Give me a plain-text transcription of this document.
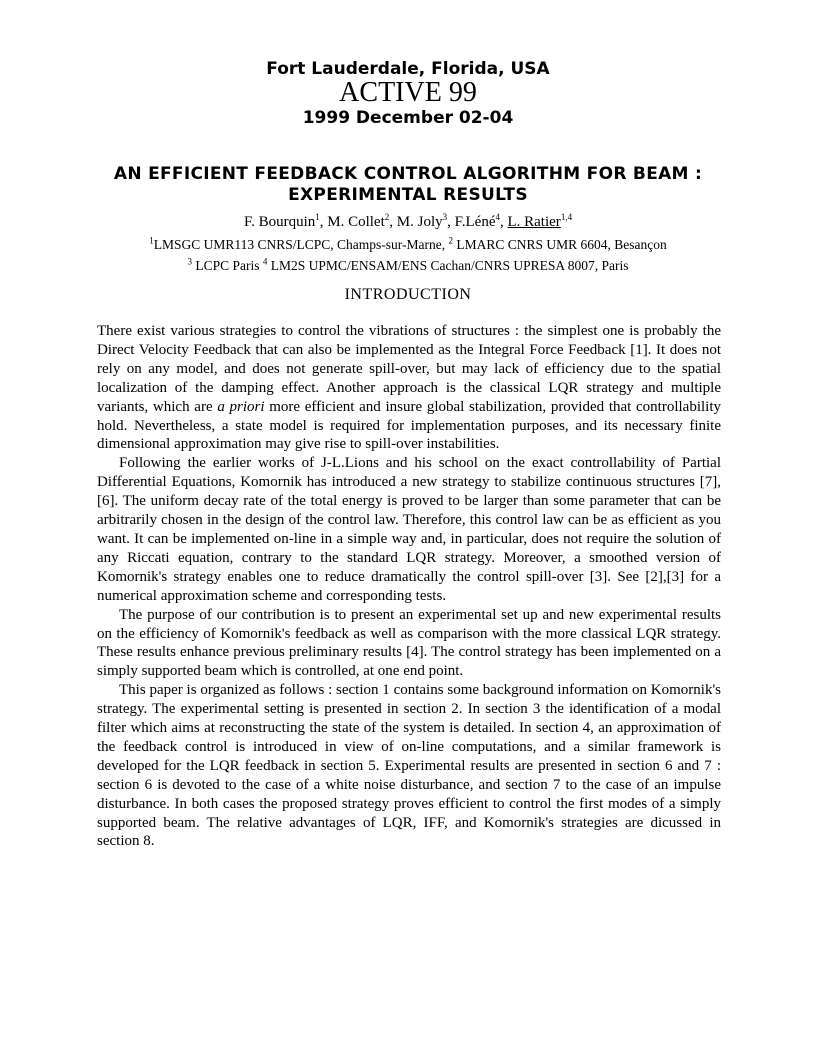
Fort Lauderdale, Florida, USA
ACTIVE 99
1999 December 02-04
AN EFFICIENT FEEDBACK CONTROL ALGORITHM FOR BEAM :
EXPERIMENTAL RESULTS
F. Bourquin$^1$, M. Collet$^2$, M. Joly$^3$, F.Léné$^4$, L. Ratier$^{1,4}$
$^1$LMSGC UMR113 CNRS/LCPC, Champs-sur-Marne, $^2$ LMARC CNRS UMR 6604, Besançon
$^3$ LCPC Paris $^4$ LM2S UPMC/ENSAM/ENS Cachan/CNRS UPRESA 8007, Paris
INTRODUCTION

There exist various strategies to control the vibrations of structures : the simplest one is probably the Direct Velocity Feedback that can also be implemented as the Integral Force Feedback [1]. It does not rely on any model, and does not generate spill-over, but may lack of efficiency due to the spatial localization of the damping effect. Another approach is the classical LQR strategy and multiple variants, which are a priori more efficient and insure global stabilization, provided that controllability hold. Nevertheless, a state model is required for implementation purposes, and its necessary finite dimensional approximation may give rise to spill-over instabilities.

Following the earlier works of J-L.Lions and his school on the exact controllability of Partial Differential Equations, Komornik has introduced a new strategy to stabilize continuous structures [7],[6]. The uniform decay rate of the total energy is proved to be larger than some parameter that can be arbitrarily chosen in the design of the control law. Therefore, this control law can be as efficient as you want. It can be implemented on-line in a simple way and, in particular, does not require the solution of any Riccati equation, contrary to the standard LQR strategy. Moreover, a smoothed version of Komornik's strategy enables one to reduce dramatically the control spill-over [3]. See [2],[3] for a numerical approximation scheme and corresponding tests.

The purpose of our contribution is to present an experimental set up and new experimental results on the efficiency of Komornik's feedback as well as comparison with the more classical LQR strategy. These results enhance previous preliminary results [4]. The control strategy has been implemented on a simply supported beam which is controlled, at one end point.

This paper is organized as follows : section 1 contains some background information on Komornik's strategy. The experimental setting is presented in section 2. In section 3 the identification of a modal filter which aims at reconstructing the state of the system is detailed. In section 4, an approximation of the feedback control is introduced in view of on-line computations, and a similar framework is developed for the LQR feedback in section 5. Experimental results are presented in section 6 and 7 : section 6 is devoted to the case of a white noise disturbance, and section 7 to the case of an impulse disturbance. In both cases the proposed strategy proves efficient to control the first modes of a simply supported beam. The relative advantages of LQR, IFF, and Komornik's strategies are dicussed in section 8.
